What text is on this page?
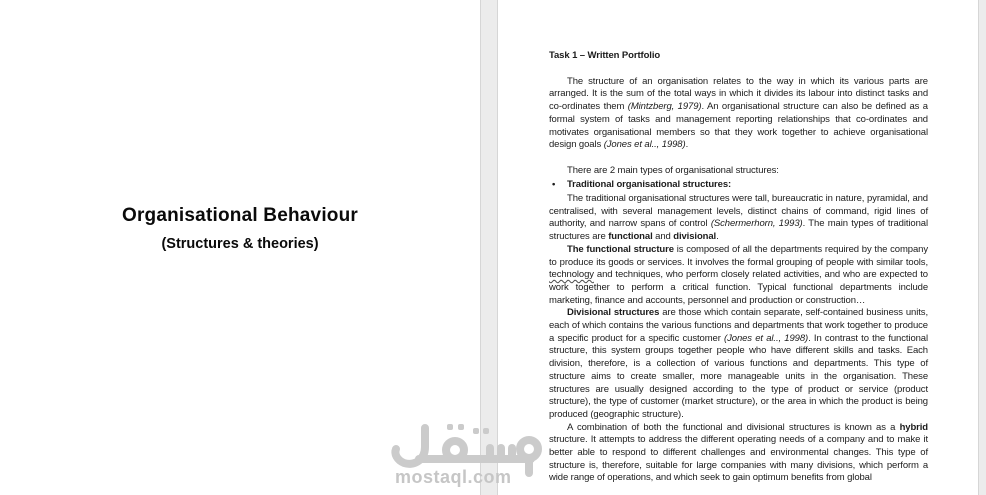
Organisational Behaviour

(Structures & theories)

Task 1 – Written Portfolio

The structure of an organisation relates to the way in which its various parts are arranged. It is the sum of the total ways in which it divides its labour into distinct tasks and co-ordinates them (Mintzberg, 1979). An organisational structure can also be defined as a formal system of tasks and management reporting relationships that co-ordinates and motivates organisational members so that they work together to achieve organisational design goals (Jones et al.., 1998).

There are 2 main types of organisational structures:

• Traditional organisational structures:

The traditional organisational structures were tall, bureaucratic in nature, pyramidal, and centralised, with several management levels, distinct chains of command, rigid lines of authority, and narrow spans of control (Schermerhorn, 1993). The main types of traditional structures are functional and divisional.

The functional structure is composed of all the departments required by the company to produce its goods or services. It involves the formal grouping of people with similar tools, technology and techniques, who perform closely related activities, and who are expected to work together to perform a critical function. Typical functional departments include marketing, finance and accounts, personnel and production or construction…

Divisional structures are those which contain separate, self-contained business units, each of which contains the various functions and departments that work together to produce a specific product for a specific customer (Jones et al.., 1998). In contrast to the functional structure, this system groups together people who have different skills and tasks. Each division, therefore, is a collection of various functions and departments. This type of structure aims to create smaller, more manageable units in the organisation. These structures are usually designed according to the type of product or service (product structure), the type of customer (market structure), or the area in which the product is being produced (geographic structure).

A combination of both the functional and divisional structures is known as a hybrid structure. It attempts to address the different operating needs of a company and to make it better able to respond to different challenges and environmental changes. This type of structure is, therefore, suitable for large companies with many divisions, which perform a wide range of operations, and which seek to gain optimum benefits from global

mostaql.com
